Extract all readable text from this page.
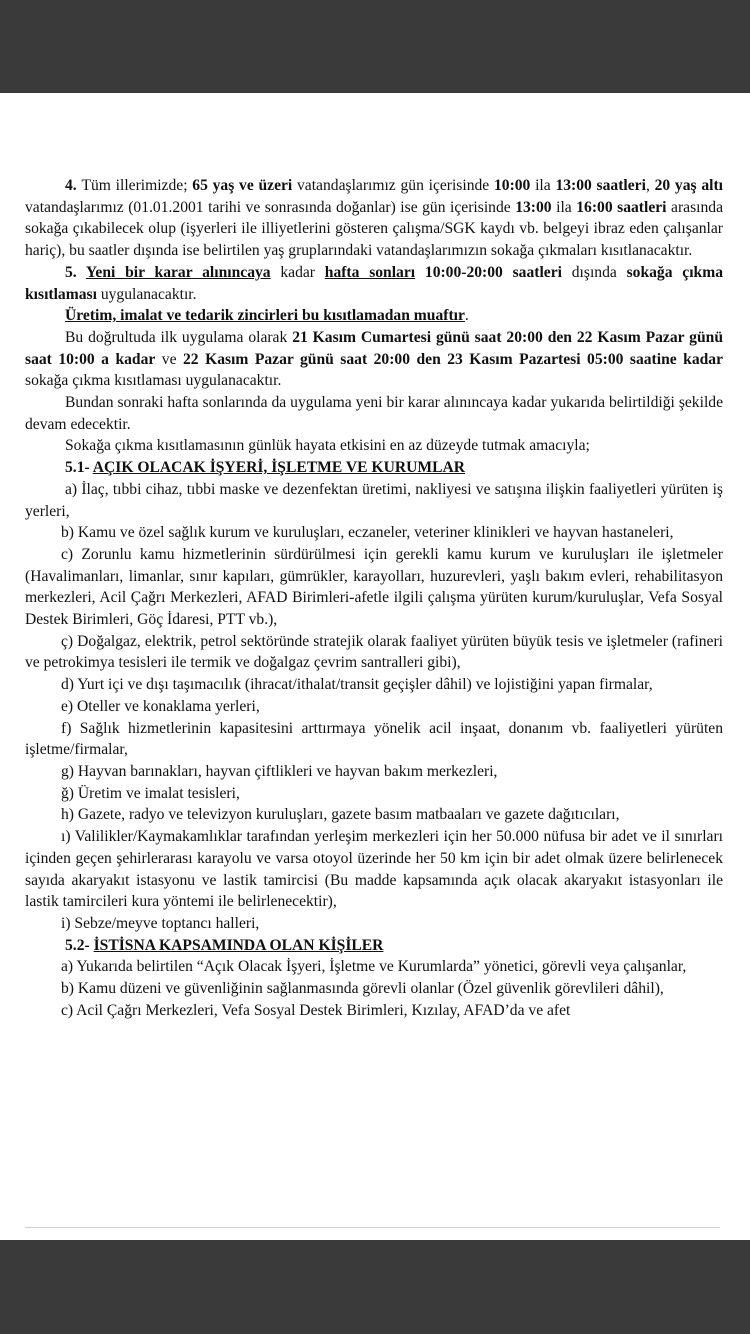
4. Tüm illerimizde; 65 yaş ve üzeri vatandaşlarımız gün içerisinde 10:00 ila 13:00 saatleri, 20 yaş altı vatandaşlarımız (01.01.2001 tarihi ve sonrasında doğanlar) ise gün içerisinde 13:00 ila 16:00 saatleri arasında sokağa çıkabilecek olup (işyerleri ile illiyetlerini gösteren çalışma/SGK kaydı vb. belgeyi ibraz eden çalışanlar hariç), bu saatler dışında ise belirtilen yaş gruplarındaki vatandaşlarımızın sokağa çıkmaları kısıtlanacaktır.

5. Yeni bir karar alınıncaya kadar hafta sonları 10:00-20:00 saatleri dışında sokağa çıkma kısıtlaması uygulanacaktır.

Üretim, imalat ve tedarik zincirleri bu kısıtlamadan muaftır.

Bu doğrultuda ilk uygulama olarak 21 Kasım Cumartesi günü saat 20:00 den 22 Kasım Pazar günü saat 10:00 a kadar ve 22 Kasım Pazar günü saat 20:00 den 23 Kasım Pazartesi 05:00 saatine kadar sokağa çıkma kısıtlaması uygulanacaktır.

Bundan sonraki hafta sonlarında da uygulama yeni bir karar alınıncaya kadar yukarıda belirtildiği şekilde devam edecektir.

Sokağa çıkma kısıtlamasının günlük hayata etkisini en az düzeyde tutmak amacıyla;

5.1- AÇIK OLACAK İŞYERİ, İŞLETME VE KURUMLAR

a) İlaç, tıbbi cihaz, tıbbi maske ve dezenfektan üretimi, nakliyesi ve satışına ilişkin faaliyetleri yürüten iş yerleri,

b) Kamu ve özel sağlık kurum ve kuruluşları, eczaneler, veteriner klinikleri ve hayvan hastaneleri,

c) Zorunlu kamu hizmetlerinin sürdürülmesi için gerekli kamu kurum ve kuruluşları ile işletmeler (Havalimanları, limanlar, sınır kapıları, gümrükler, karayolları, huzurevleri, yaşlı bakım evleri, rehabilitasyon merkezleri, Acil Çağrı Merkezleri, AFAD Birimleri-afetle ilgili çalışma yürüten kurum/kuruluşlar, Vefa Sosyal Destek Birimleri, Göç İdaresi, PTT vb.),

ç) Doğalgaz, elektrik, petrol sektöründe stratejik olarak faaliyet yürüten büyük tesis ve işletmeler (rafineri ve petrokimya tesisleri ile termik ve doğalgaz çevrim santralleri gibi),

d) Yurt içi ve dışı taşımacılık (ihracat/ithalat/transit geçişler dâhil) ve lojistiğini yapan firmalar,

e) Oteller ve konaklama yerleri,

f) Sağlık hizmetlerinin kapasitesini arttırmaya yönelik acil inşaat, donanım vb. faaliyetleri yürüten işletme/firmalar,

g) Hayvan barınakları, hayvan çiftlikleri ve hayvan bakım merkezleri,

ğ) Üretim ve imalat tesisleri,

h) Gazete, radyo ve televizyon kuruluşları, gazete basım matbaaları ve gazete dağıtıcıları,

ı) Valilikler/Kaymakamlıklar tarafından yerleşim merkezleri için her 50.000 nüfusa bir adet ve il sınırları içinden geçen şehirlerarası karayolu ve varsa otoyol üzerinde her 50 km için bir adet olmak üzere belirlenecek sayıda akaryakıt istasyonu ve lastik tamircisi (Bu madde kapsamında açık olacak akaryakıt istasyonları ile lastik tamircileri kura yöntemi ile belirlenecektir),

i) Sebze/meyve toptancı halleri,

5.2- İSTİSNA KAPSAMINDA OLAN KİŞİLER

a) Yukarıda belirtilen “Açık Olacak İşyeri, İşletme ve Kurumlarda” yönetici, görevli veya çalışanlar,

b) Kamu düzeni ve güvenliğinin sağlanmasında görevli olanlar (Özel güvenlik görevlileri dâhil),

c) Acil Çağrı Merkezleri, Vefa Sosyal Destek Birimleri, Kızılay, AFAD’da ve afet
